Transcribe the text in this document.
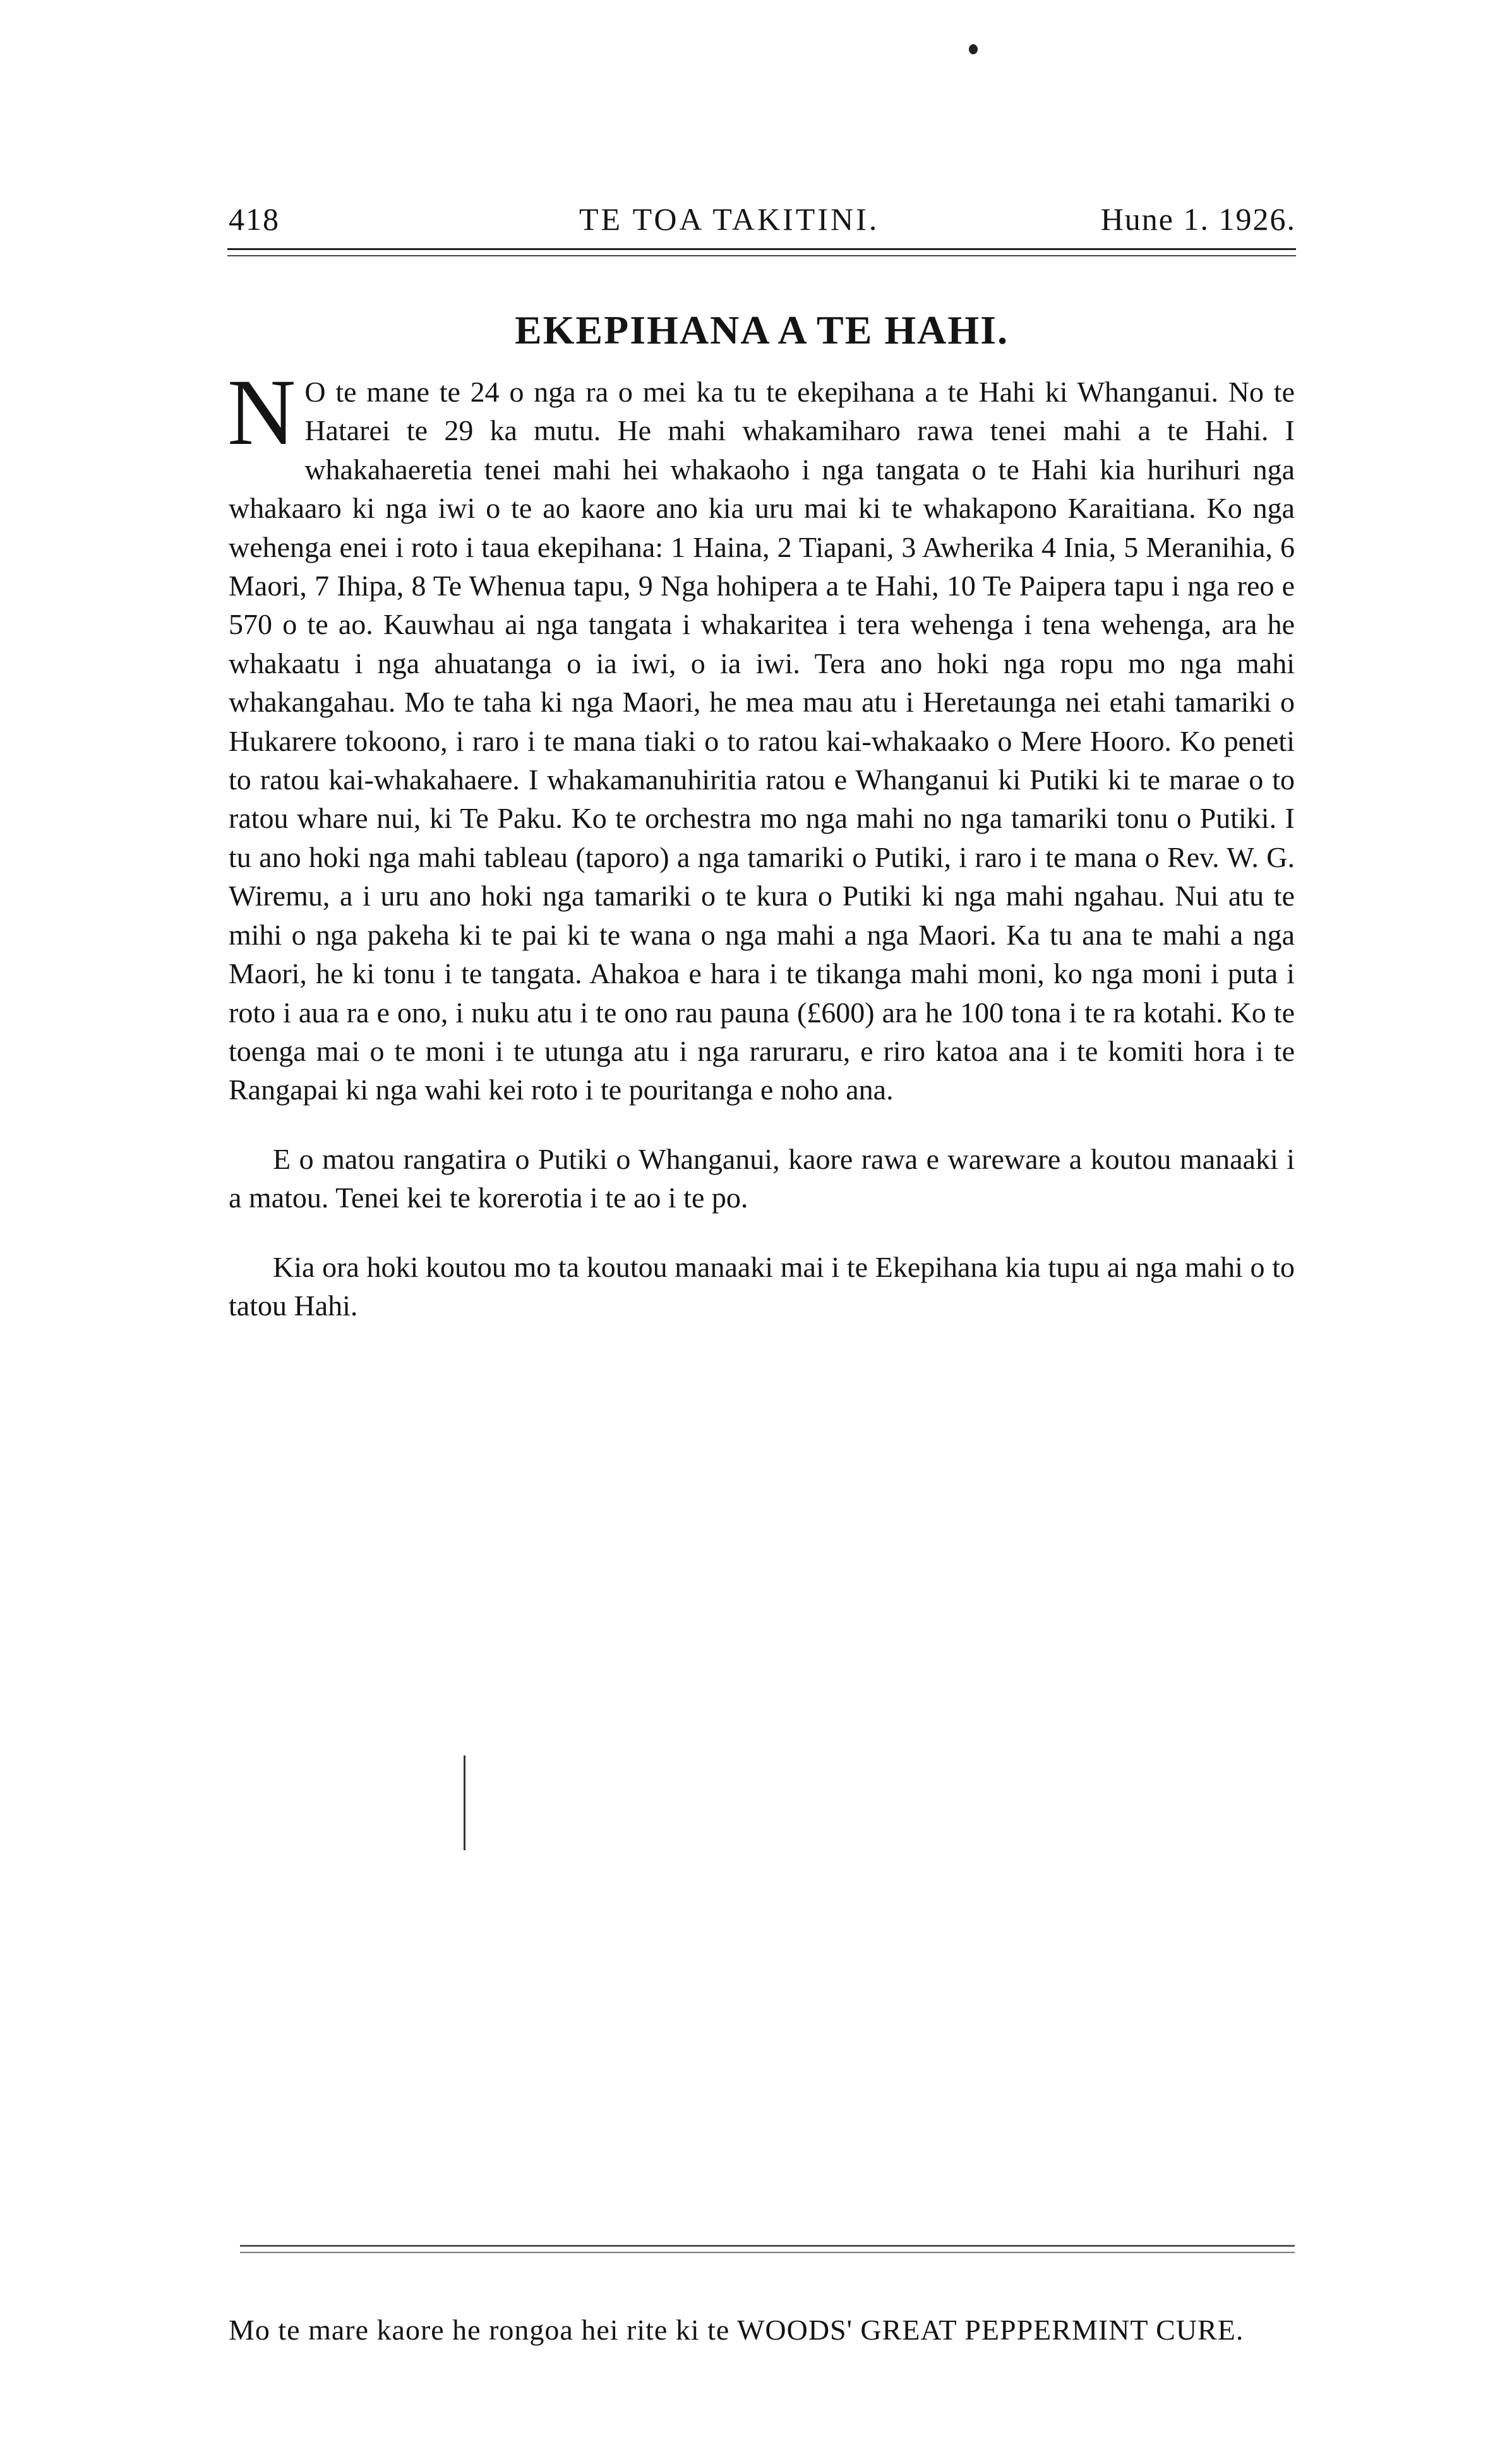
418	TE TOA TAKITINI.	Hune 1. 1926.
EKEPIHANA A TE HAHI.

N O te mane te 24 o nga ra o mei ka tu te ekepihana a te Hahi ki Whanganui. No te Hatarei te 29 ka mutu. He mahi whakamiharo rawa tenei mahi a te Hahi. I whakahaeretia tenei mahi hei whakaoho i nga tangata o te Hahi kia hurihuri nga whakaaro ki nga iwi o te ao kaore ano kia uru mai ki te whakapono Karaitiana. Ko nga wehenga enei i roto i taua ekepihana: 1 Haina, 2 Tiapani, 3 Awherika 4 Inia, 5 Meranihia, 6 Maori, 7 Ihipa, 8 Te Whenua tapu, 9 Nga hohipera a te Hahi, 10 Te Paipera tapu i nga reo e 570 o te ao. Kauwhau ai nga tangata i whakaritea i tera wehenga i tena wehenga, ara he whakaatu i nga ahuatanga o ia iwi, o ia iwi. Tera ano hoki nga ropu mo nga mahi whakangahau. Mo te taha ki nga Maori, he mea mau atu i Heretaunga nei etahi tamariki o Hukarere tokoono, i raro i te mana tiaki o to ratou kai-whakaako o Mere Hooro. Ko peneti to ratou kai-whakahaere. I whakamanuhiritia ratou e Whanganui ki Putiki ki te marae o to ratou whare nui, ki Te Paku. Ko te orchestra mo nga mahi no nga tamariki tonu o Putiki. I tu ano hoki nga mahi tableau (taporo) a nga tamariki o Putiki, i raro i te mana o Rev. W. G. Wiremu, a i uru ano hoki nga tamariki o te kura o Putiki ki nga mahi ngahau. Nui atu te mihi o nga pakeha ki te pai ki te wana o nga mahi a nga Maori. Ka tu ana te mahi a nga Maori, he ki tonu i te tangata. Ahakoa e hara i te tikanga mahi moni, ko nga moni i puta i roto i aua ra e ono, i nuku atu i te ono rau pauna (£600) ara he 100 tona i te ra kotahi. Ko te toenga mai o te moni i te utunga atu i nga raruraru, e riro katoa ana i te komiti hora i te Rangapai ki nga wahi kei roto i te pouritanga e noho ana.

E o matou rangatira o Putiki o Whanganui, kaore rawa e wareware a koutou manaaki i a matou. Tenei kei te korerotia i te ao i te po.

Kia ora hoki koutou mo ta koutou manaaki mai i te Ekepihana kia tupu ai nga mahi o to tatou Hahi.

Mo te mare kaore he rongoa hei rite ki te WOODS' GREAT PEPPERMINT CURE.
